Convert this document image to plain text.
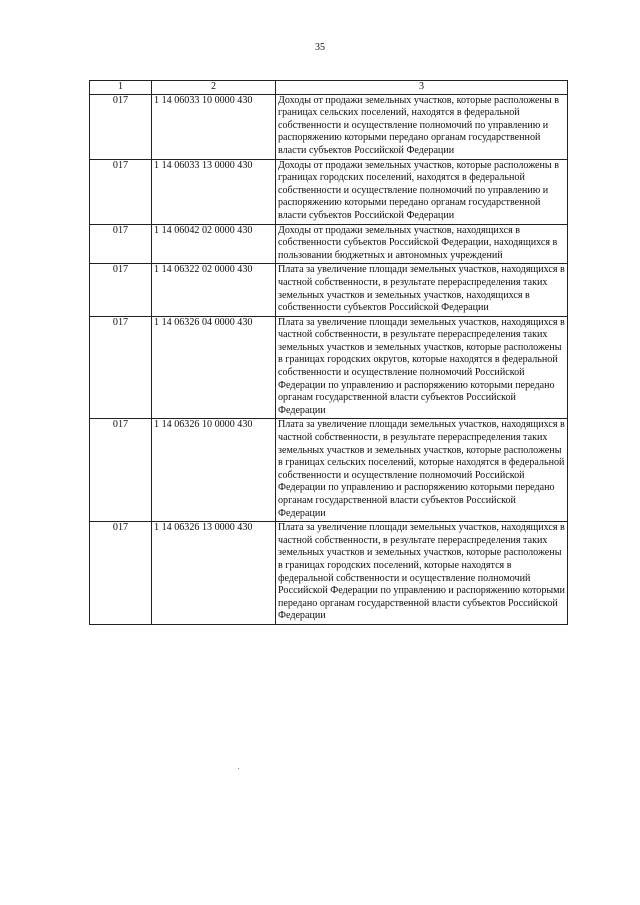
35
1	2	3
017	1 14 06033 10 0000 430	Доходы от продажи земельных участков, которые расположены в границах сельских поселений, находятся в федеральной собственности и осуществление полномочий по управлению и распоряжению которыми передано органам государственной власти субъектов Российской Федерации
017	1 14 06033 13 0000 430	Доходы от продажи земельных участков, которые расположены в границах городских поселений, находятся в федеральной собственности и осуществление полномочий по управлению и распоряжению которыми передано органам государственной власти субъектов Российской Федерации
017	1 14 06042 02 0000 430	Доходы от продажи земельных участков, находящихся в собственности субъектов Российской Федерации, находящихся в пользовании бюджетных и автономных учреждений
017	1 14 06322 02 0000 430	Плата за увеличение площади земельных участков, находящихся в частной собственности, в результате перераспределения таких земельных участков и земельных участков, находящихся в собственности субъектов Российской Федерации
017	1 14 06326 04 0000 430	Плата за увеличение площади земельных участков, находящихся в частной собственности, в результате перераспределения таких земельных участков и земельных участков, которые расположены в границах городских округов, которые находятся в федеральной собственности и осуществление полномочий Российской Федерации по управлению и распоряжению которыми передано органам государственной власти субъектов Российской Федерации
017	1 14 06326 10 0000 430	Плата за увеличение площади земельных участков, находящихся в частной собственности, в результате перераспределения таких земельных участков и земельных участков, которые расположены в границах сельских поселений, которые находятся в федеральной собственности и осуществление полномочий Российской Федерации по управлению и распоряжению которыми передано органам государственной власти субъектов Российской Федерации
017	1 14 06326 13 0000 430	Плата за увеличение площади земельных участков, находящихся в частной собственности, в результате перераспределения таких земельных участков и земельных участков, которые расположены в границах городских поселений, которые находятся в федеральной собственности и осуществление полномочий Российской Федерации по управлению и распоряжению которыми передано органам государственной власти субъектов Российской Федерации
